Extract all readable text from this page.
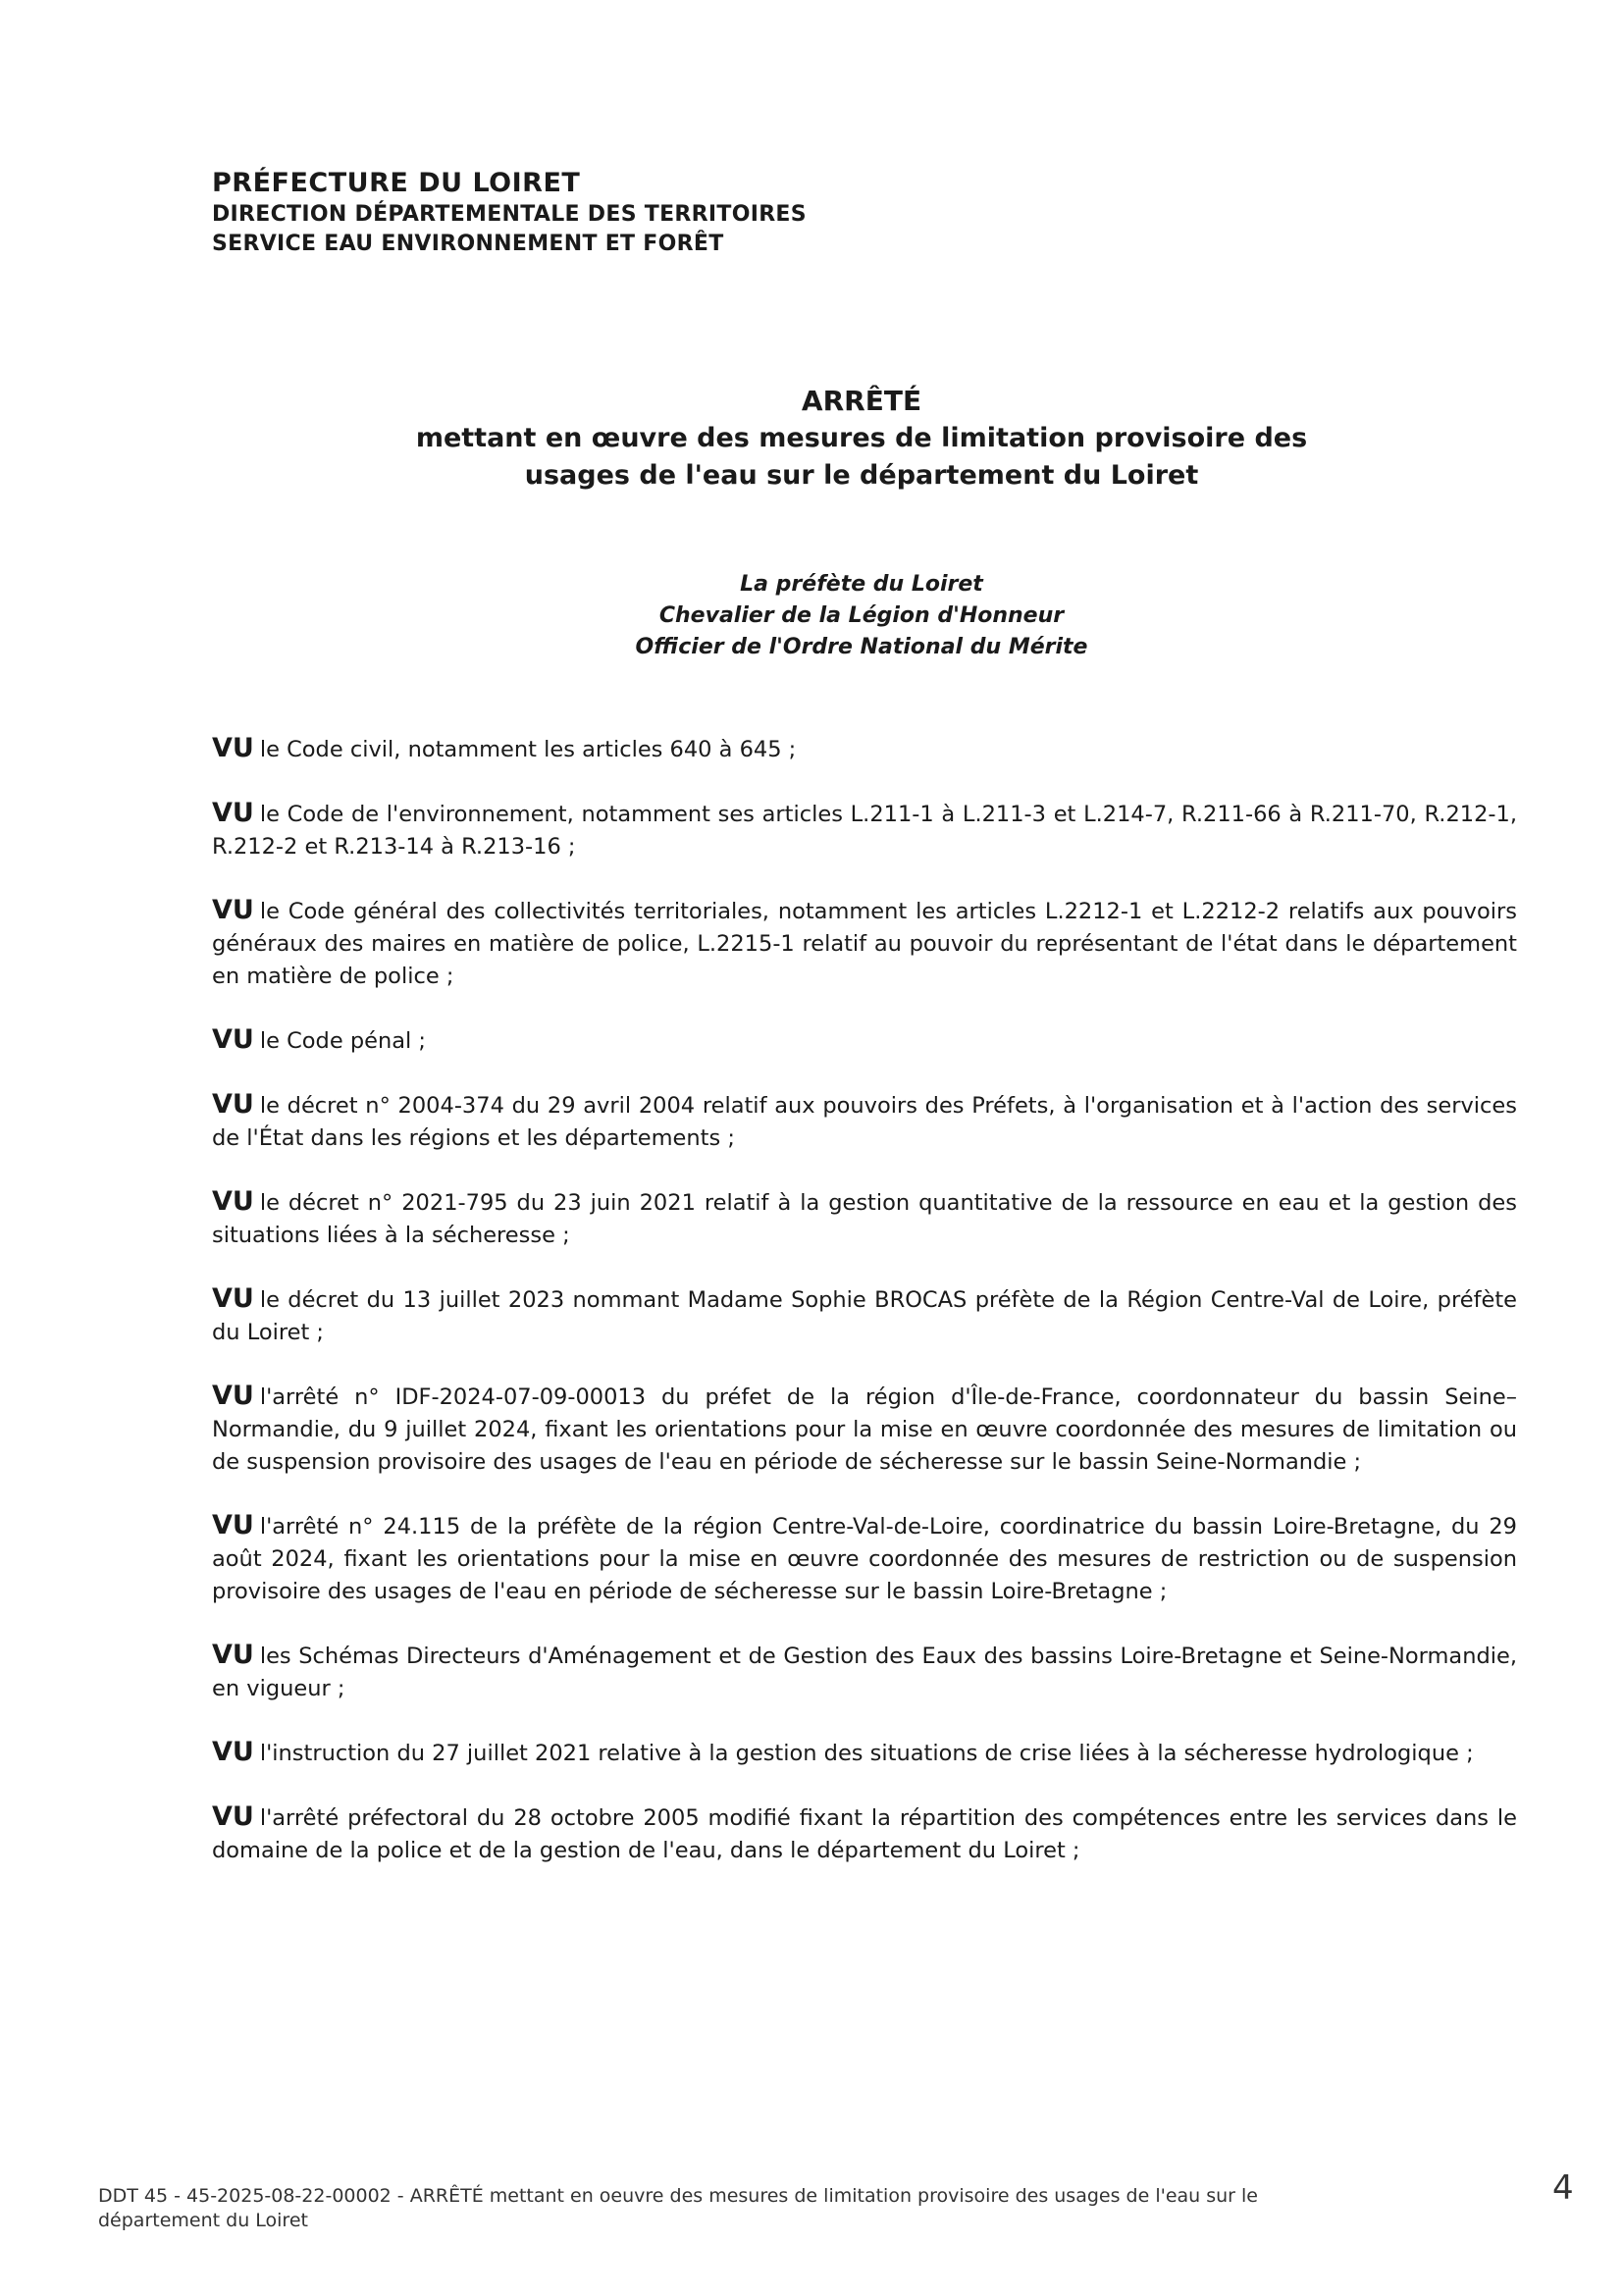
PRÉFECTURE DU LOIRET
DIRECTION DÉPARTEMENTALE DES TERRITOIRES
SERVICE EAU ENVIRONNEMENT ET FORÊT
ARRÊTÉ
mettant en œuvre des mesures de limitation provisoire des usages de l'eau sur le département du Loiret
La préfète du Loiret
Chevalier de la Légion d'Honneur
Officier de l'Ordre National du Mérite

VU le Code civil, notamment les articles 640 à 645 ;

VU le Code de l'environnement, notamment ses articles L.211-1 à L.211-3 et L.214-7, R.211-66 à R.211-70, R.212-1, R.212-2 et R.213-14 à R.213-16 ;

VU le Code général des collectivités territoriales, notamment les articles L.2212-1 et L.2212-2 relatifs aux pouvoirs généraux des maires en matière de police, L.2215-1 relatif au pouvoir du représentant de l'état dans le département en matière de police ;

VU le Code pénal ;

VU le décret n° 2004-374 du 29 avril 2004 relatif aux pouvoirs des Préfets, à l'organisation et à l'action des services de l'État dans les régions et les départements ;

VU le décret n° 2021-795 du 23 juin 2021 relatif à la gestion quantitative de la ressource en eau et la gestion des situations liées à la sécheresse ;

VU le décret du 13 juillet 2023 nommant Madame Sophie BROCAS préfète de la Région Centre-Val de Loire, préfète du Loiret ;

VU l'arrêté n° IDF-2024-07-09-00013 du préfet de la région d'Île-de-France, coordonnateur du bassin Seine–Normandie, du 9 juillet 2024, fixant les orientations pour la mise en œuvre coordonnée des mesures de limitation ou de suspension provisoire des usages de l'eau en période de sécheresse sur le bassin Seine-Normandie ;

VU l'arrêté n° 24.115 de la préfète de la région Centre-Val-de-Loire, coordinatrice du bassin Loire-Bretagne, du 29 août 2024, fixant les orientations pour la mise en œuvre coordonnée des mesures de restriction ou de suspension provisoire des usages de l'eau en période de sécheresse sur le bassin Loire-Bretagne ;

VU les Schémas Directeurs d'Aménagement et de Gestion des Eaux des bassins Loire-Bretagne et Seine-Normandie, en vigueur ;

VU l'instruction du 27 juillet 2021 relative à la gestion des situations de crise liées à la sécheresse hydrologique ;

VU l'arrêté préfectoral du 28 octobre 2005 modifié fixant la répartition des compétences entre les services dans le domaine de la police et de la gestion de l'eau, dans le département du Loiret ;

DDT 45 - 45-2025-08-22-00002 - ARRÊTÉ mettant en oeuvre des mesures de limitation provisoire des usages de l'eau sur le département du Loiret
4
